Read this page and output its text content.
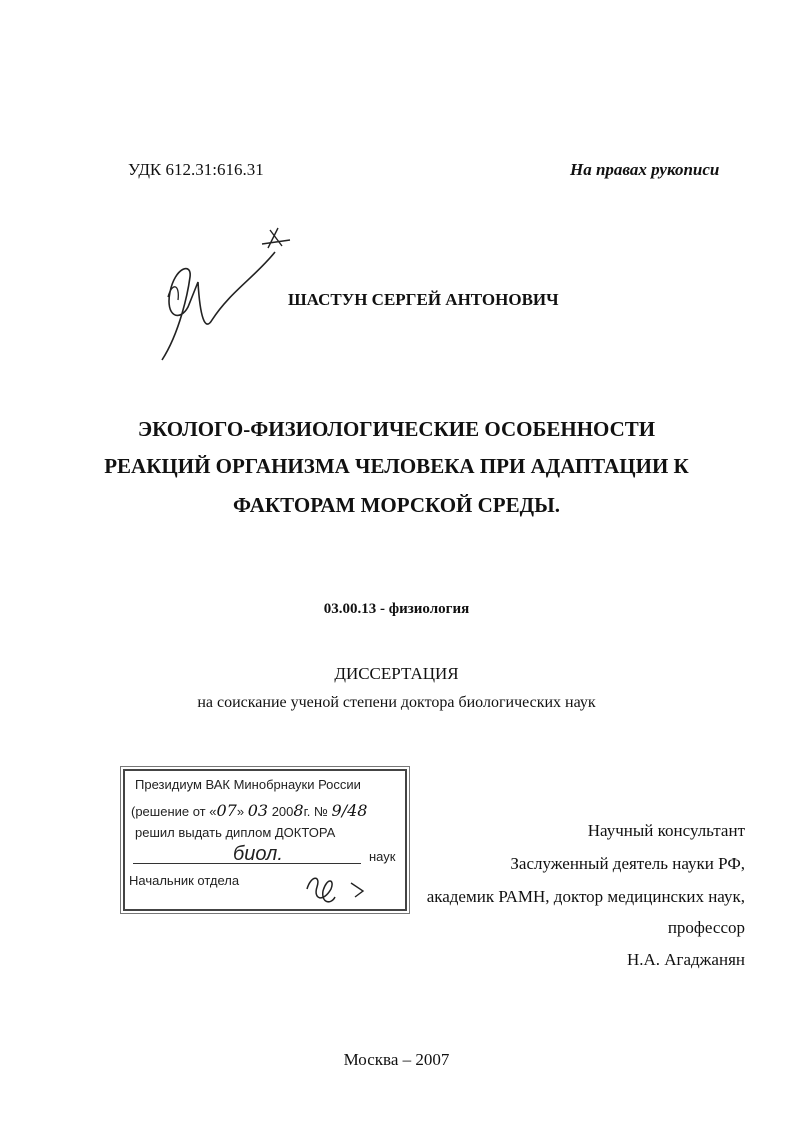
УДК 612.31:616.31	На правах рукописи
ШАСТУН СЕРГЕЙ АНТОНОВИЧ
ЭКОЛОГО-ФИЗИОЛОГИЧЕСКИЕ ОСОБЕННОСТИ
РЕАКЦИЙ ОРГАНИЗМА ЧЕЛОВЕКА ПРИ АДАПТАЦИИ К
ФАКТОРАМ МОРСКОЙ СРЕДЫ.
03.00.13 - физиология
ДИССЕРТАЦИЯ
на соискание ученой степени доктора биологических наук
Президиум ВАК Минобрнауки России
(решение от «07» 03 2008г. № 9/48
решил выдать диплом ДОКТОРА
биол.	наук
Начальник отдела
Научный консультант
Заслуженный деятель науки РФ,
академик РАМН, доктор медицинских наук,
профессор
Н.А. Агаджанян
Москва – 2007
